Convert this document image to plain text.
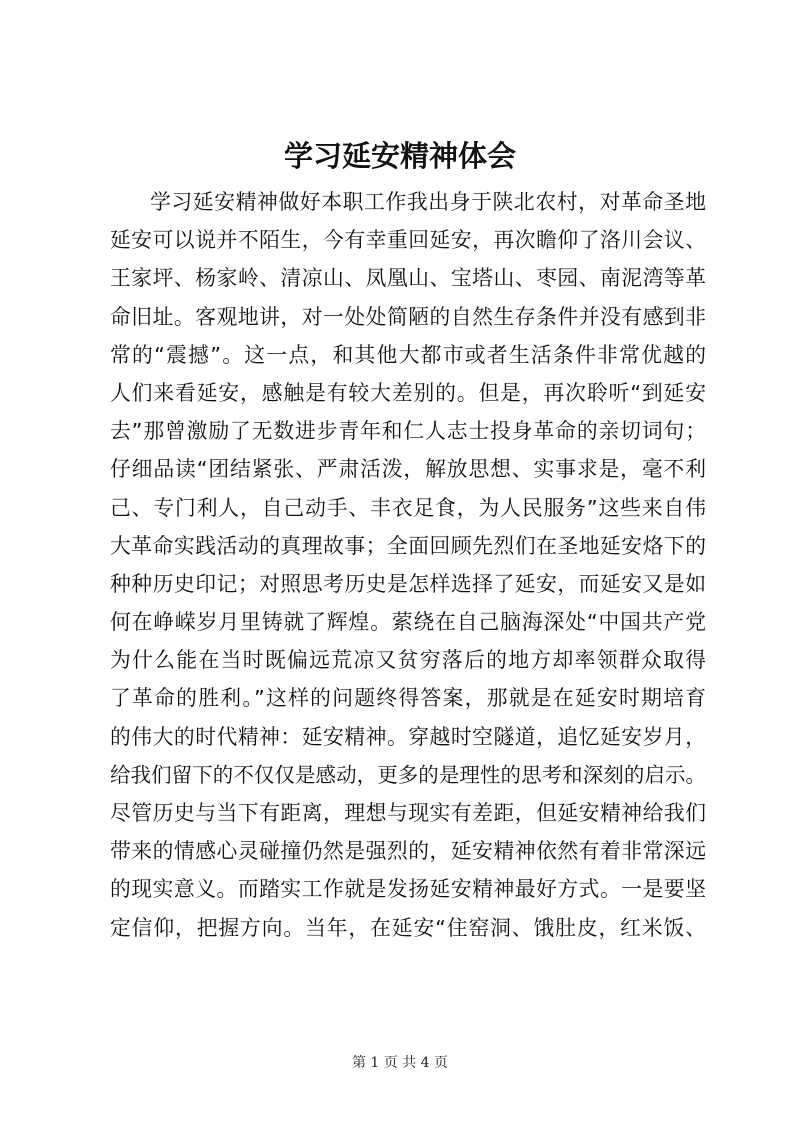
学习延安精神体会
学习延安精神做好本职工作我出身于陕北农村，对革命圣地
延安可以说并不陌生，今有幸重回延安，再次瞻仰了洛川会议、
王家坪、杨家岭、清凉山、凤凰山、宝塔山、枣园、南泥湾等革
命旧址。客观地讲，对一处处简陋的自然生存条件并没有感到非
常的“震撼”。这一点，和其他大都市或者生活条件非常优越的
人们来看延安，感触是有较大差别的。但是，再次聆听“到延安
去”那曾激励了无数进步青年和仁人志士投身革命的亲切词句；
仔细品读“团结紧张、严肃活泼，解放思想、实事求是，毫不利
己、专门利人，自己动手、丰衣足食，为人民服务”这些来自伟
大革命实践活动的真理故事；全面回顾先烈们在圣地延安烙下的
种种历史印记；对照思考历史是怎样选择了延安，而延安又是如
何在峥嵘岁月里铸就了辉煌。萦绕在自己脑海深处“中国共产党
为什么能在当时既偏远荒凉又贫穷落后的地方却率领群众取得
了革命的胜利。”这样的问题终得答案，那就是在延安时期培育
的伟大的时代精神：延安精神。穿越时空隧道，追忆延安岁月，
给我们留下的不仅仅是感动，更多的是理性的思考和深刻的启示。
尽管历史与当下有距离，理想与现实有差距，但延安精神给我们
带来的情感心灵碰撞仍然是强烈的，延安精神依然有着非常深远
的现实意义。而踏实工作就是发扬延安精神最好方式。一是要坚
定信仰，把握方向。当年，在延安“住窑洞、饿肚皮，红米饭、
第 1 页 共 4 页
